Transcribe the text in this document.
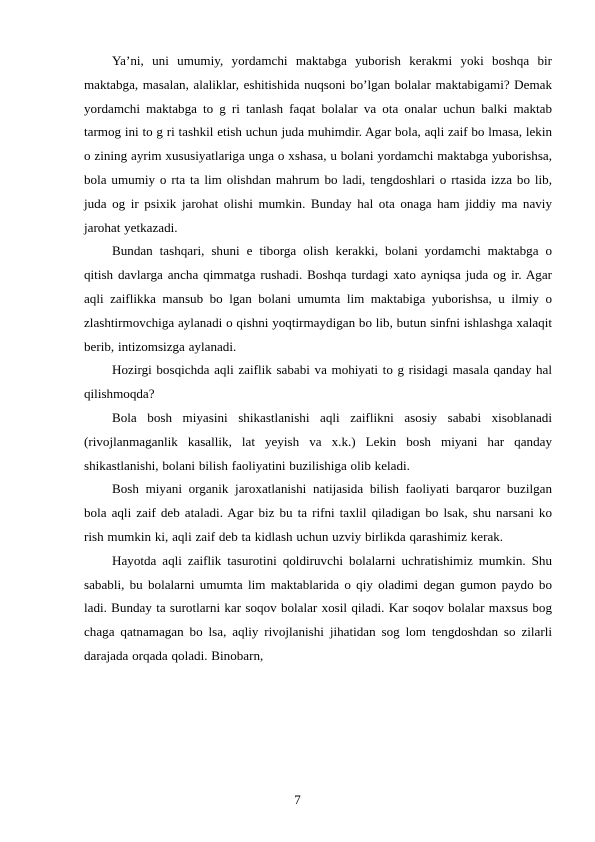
Ya’ni, uni umumiy, yordamchi maktabga yuborish kerakmi yoki boshqa bir maktabga, masalan, alaliklar, eshitishida nuqsoni bo’lgan bolalar maktabigami? Demak yordamchi maktabga to g ri tanlash faqat bolalar va ota onalar uchun balki maktab tarmog ini to g ri tashkil etish uchun juda muhimdir. Agar bola, aqli zaif bo lmasa, lekin o zining ayrim xususiyatlariga unga o xshasa, u bolani yordamchi maktabga yuborishsa, bola umumiy o rta ta lim olishdan mahrum bo ladi, tengdoshlari o rtasida izza bo lib, juda og ir psixik jarohat olishi mumkin. Bunday hal ota onaga ham jiddiy ma naviy jarohat yetkazadi.

Bundan tashqari, shuni e tiborga olish kerakki, bolani yordamchi maktabga o qitish davlarga ancha qimmatga rushadi. Boshqa turdagi xato ayniqsa juda og ir. Agar aqli zaiflikka mansub bo lgan bolani umumta lim maktabiga yuborishsa, u ilmiy o zlashtirmovchiga aylanadi o qishni yoqtirmaydigan bo lib, butun sinfni ishlashga xalaqit berib, intizomsizga aylanadi.

Hozirgi bosqichda aqli zaiflik sababi va mohiyati to g risidagi masala qanday hal qilishmoqda?

Bola bosh miyasini shikastlanishi aqli zaiflikni asosiy sababi xisoblanadi (rivojlanmaganlik kasallik, lat yeyish va x.k.) Lekin bosh miyani har qanday shikastlanishi, bolani bilish faoliyatini buzilishiga olib keladi.

Bosh miyani organik jaroxatlanishi natijasida bilish faoliyati barqaror buzilgan bola aqli zaif deb ataladi. Agar biz bu ta rifni taxlil qiladigan bo lsak, shu narsani ko rish mumkin ki, aqli zaif deb ta kidlash uchun uzviy birlikda qarashimiz kerak.

Hayotda aqli zaiflik tasurotini qoldiruvchi bolalarni uchratishimiz mumkin. Shu sababli, bu bolalarni umumta lim maktablarida o qiy oladimi degan gumon paydo bo ladi. Bunday ta surotlarni kar soqov bolalar xosil qiladi. Kar soqov bolalar maxsus bog chaga qatnamagan bo lsa, aqliy rivojlanishi jihatidan sog lom tengdoshdan so zilarli darajada orqada qoladi. Binobarn,

7
